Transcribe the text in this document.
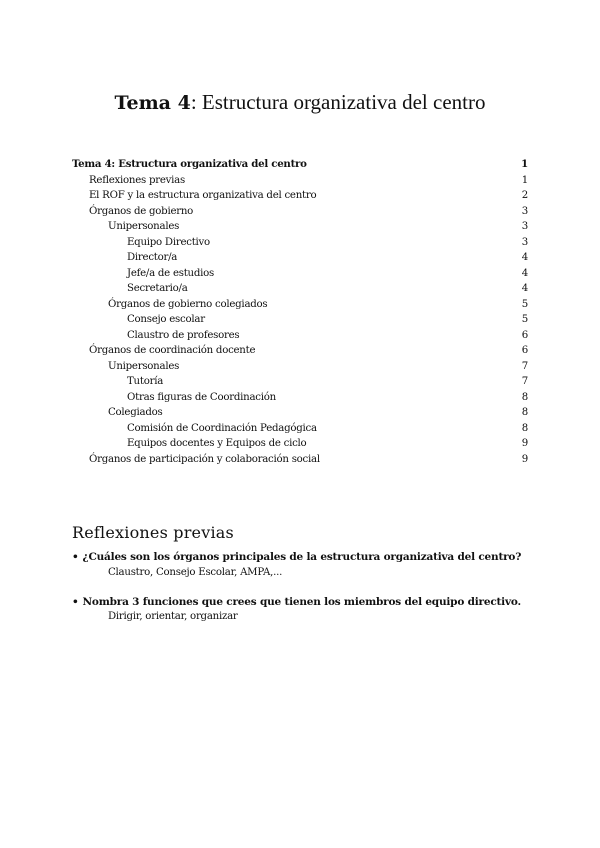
Tema 4: Estructura organizativa del centro
Tema 4: Estructura organizativa del centro	1
Reflexiones previas	1
El ROF y la estructura organizativa del centro	2
Órganos de gobierno	3
Unipersonales	3
Equipo Directivo	3
Director/a	4
Jefe/a de estudios	4
Secretario/a	4
Órganos de gobierno colegiados	5
Consejo escolar	5
Claustro de profesores	6
Órganos de coordinación docente	6
Unipersonales	7
Tutoría	7
Otras figuras de Coordinación	8
Colegiados	8
Comisión de Coordinación Pedagógica	8
Equipos docentes y Equipos de ciclo	9
Órganos de participación y colaboración social	9
Reflexiones previas
• ¿Cuáles son los órganos principales de la estructura organizativa del centro?
Claustro, Consejo Escolar, AMPA,...
• Nombra 3 funciones que crees que tienen los miembros del equipo directivo.
Dirigir, orientar, organizar
